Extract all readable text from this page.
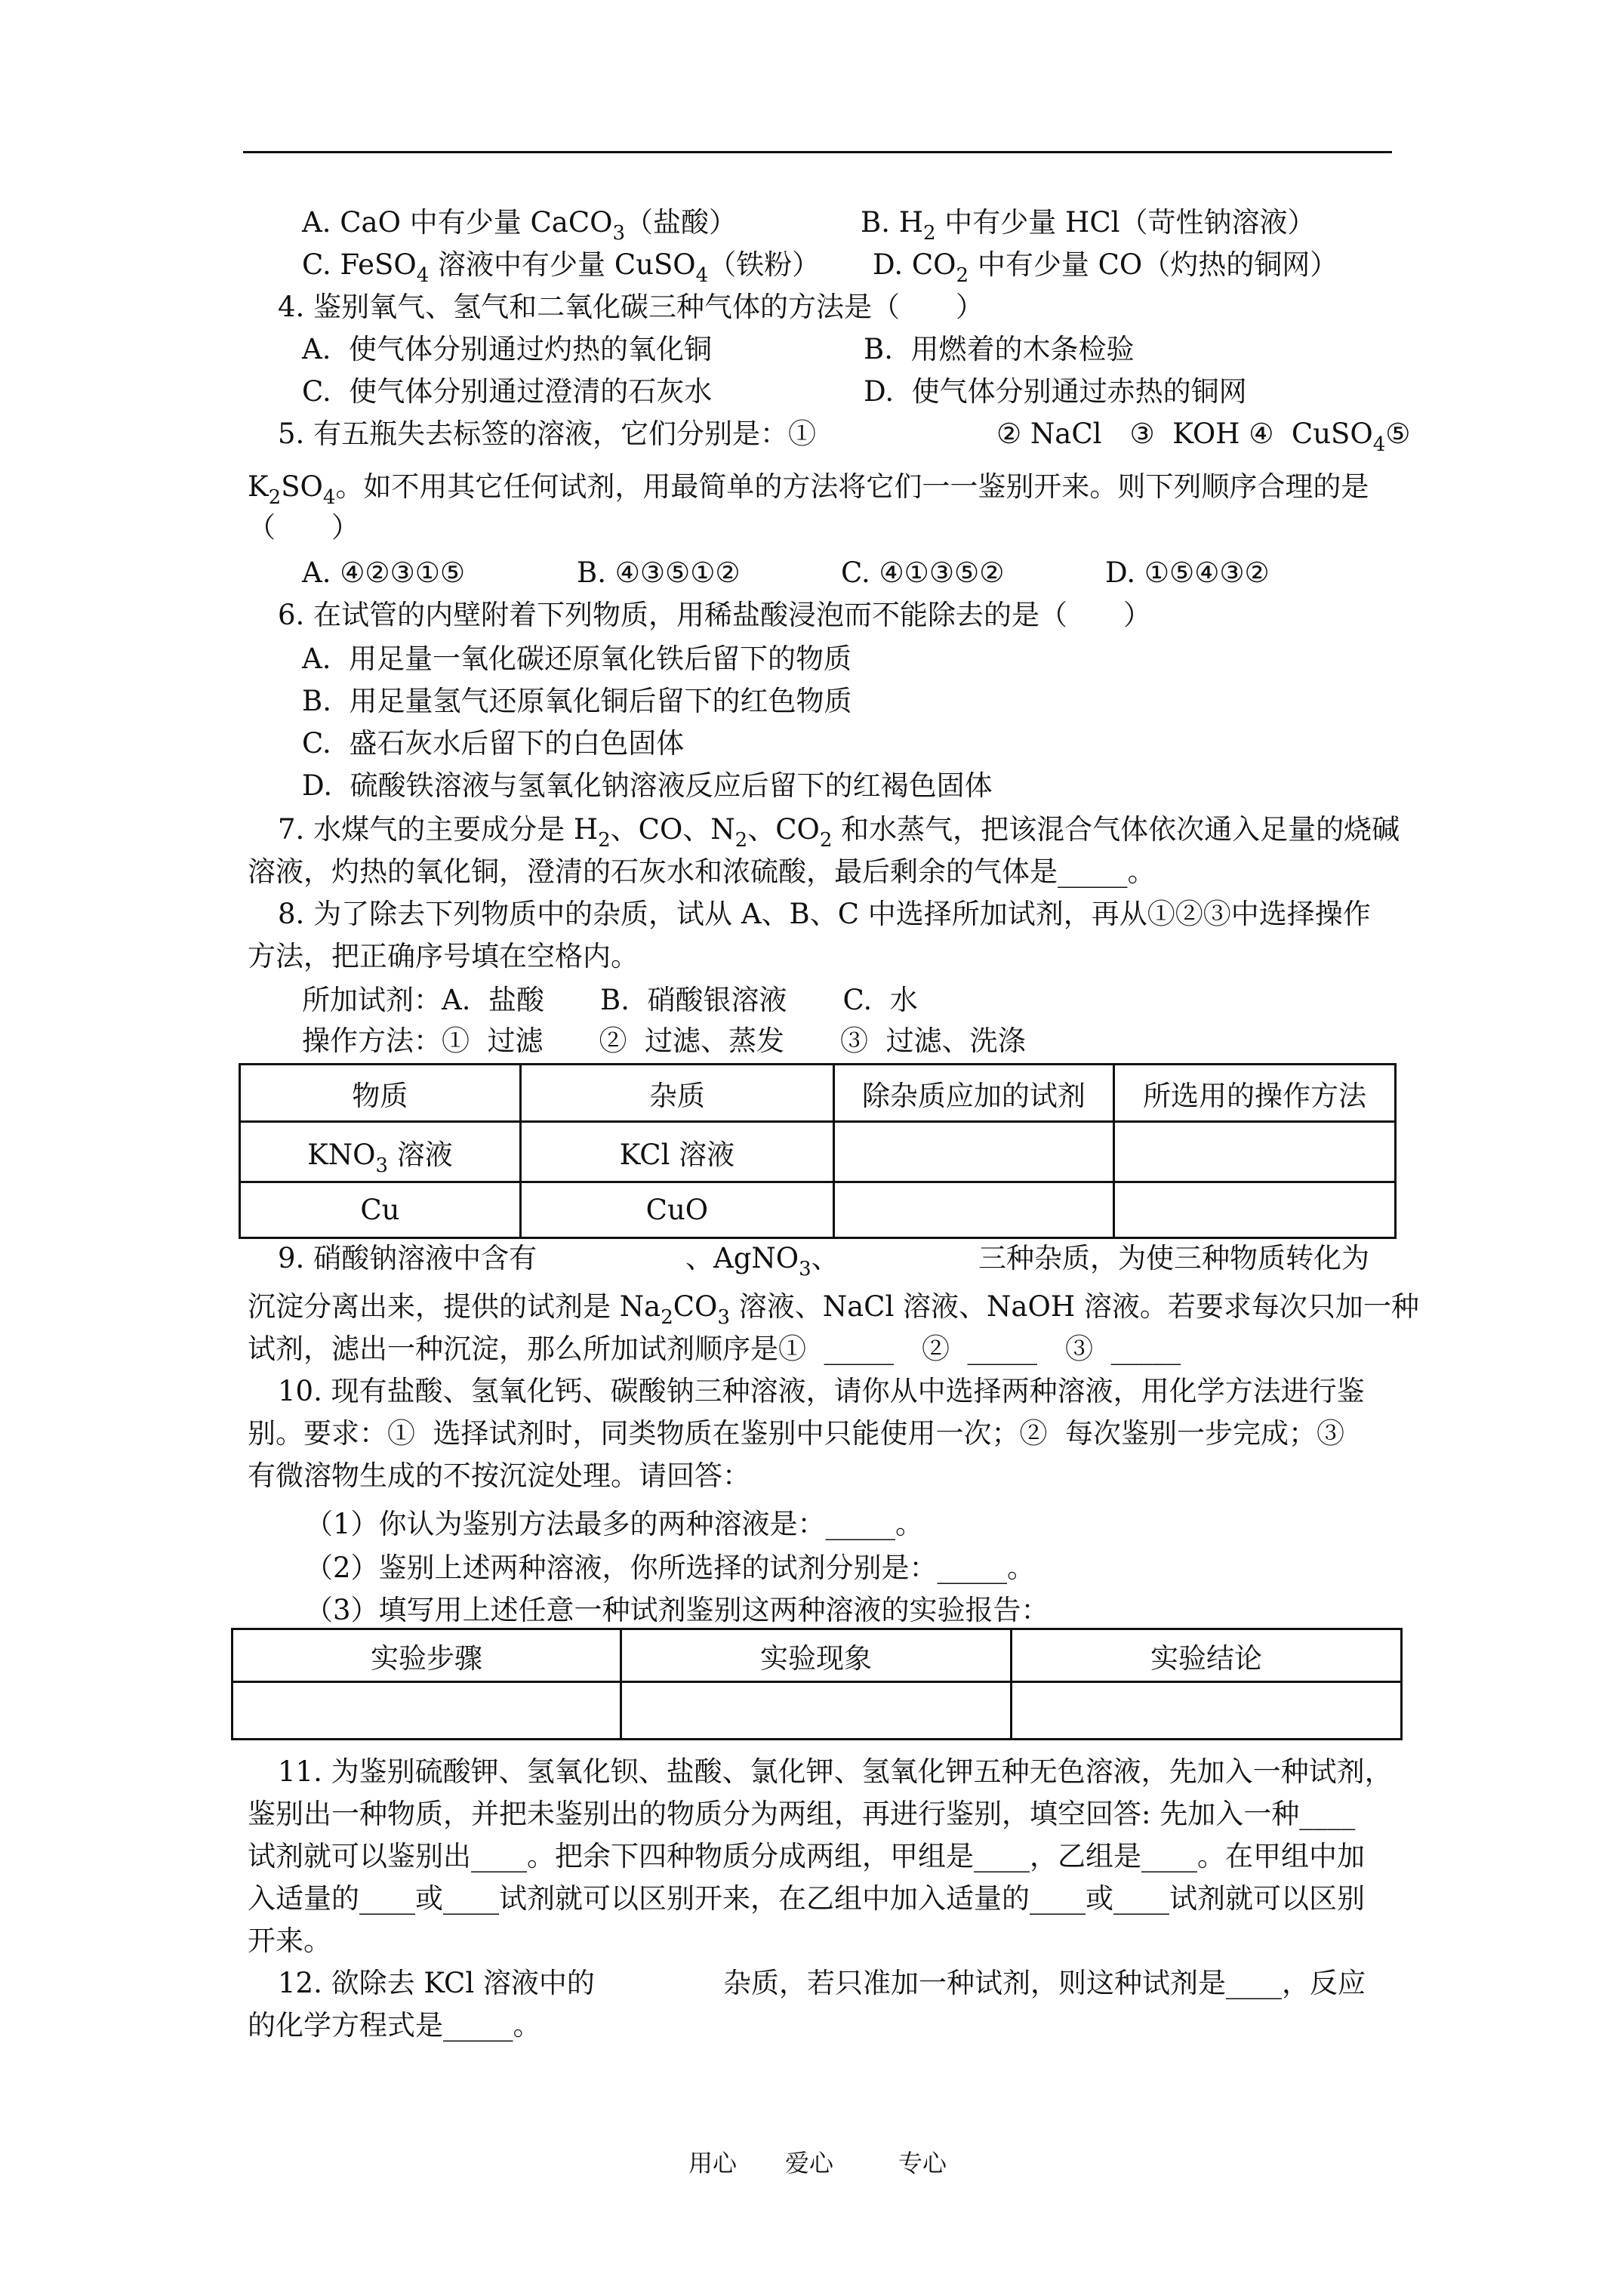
A. CaO 中有少量 CaCO$_3$（盐酸）	B. $H_2$ 中有少量 HCl（苛性钠溶液）
C. FeSO$_4$ 溶液中有少量 CuSO$_4$（铁粉） D. $CO_2$ 中有少量 CO（灼热的铜网）
4. 鉴别氧气、氢气和二氧化碳三种气体的方法是（　　）
A.  使气体分别通过灼热的氧化铜	B.  用燃着的木条检验
C.  使气体分别通过澄清的石灰水	D.  使气体分别通过赤热的铜网
5. 有五瓶失去标签的溶液，它们分别是：①	② NaCl　③  KOH ④  CuSO$_4$⑤
$K_2SO_4$。如不用其它任何试剂，用最简单的方法将它们一一鉴别开来。则下列顺序合理的是
（　　）
A. ④②③①⑤	B. ④③⑤①②	C. ④①③⑤②	D. ①⑤④③②
6. 在试管的内壁附着下列物质，用稀盐酸浸泡而不能除去的是（　　）
A.  用足量一氧化碳还原氧化铁后留下的物质
B.  用足量氢气还原氧化铜后留下的红色物质
C.  盛石灰水后留下的白色固体
D.  硫酸铁溶液与氢氧化钠溶液反应后留下的红褐色固体
7. 水煤气的主要成分是 $H_2$、CO、$N_2$、$CO_2$ 和水蒸气，把该混合气体依次通入足量的烧碱
溶液，灼热的氧化铜，澄清的石灰水和浓硫酸，最后剩余的气体是_____。
8. 为了除去下列物质中的杂质，试从 A、B、C 中选择所加试剂，再从①②③中选择操作
方法，把正确序号填在空格内。
所加试剂：A.  盐酸　　B.  硝酸银溶液　　C.  水
操作方法：①  过滤　　②  过滤、蒸发　　③  过滤、洗涤
物质	杂质	除杂质应加的试剂	所选用的操作方法
$KNO_3$ 溶液	KCl 溶液		
Cu	CuO		
9. 硝酸钠溶液中含有	、AgNO$_3$、	三种杂质，为使三种物质转化为
沉淀分离出来，提供的试剂是 $Na_2CO_3$ 溶液、NaCl 溶液、NaOH 溶液。若要求每次只加一种
试剂，滤出一种沉淀，那么所加试剂顺序是①  _____　②  _____　③  _____
10. 现有盐酸、氢氧化钙、碳酸钠三种溶液，请你从中选择两种溶液，用化学方法进行鉴
别。要求：①  选择试剂时，同类物质在鉴别中只能使用一次；②  每次鉴别一步完成；③
有微溶物生成的不按沉淀处理。请回答：
（1）你认为鉴别方法最多的两种溶液是：_____。
（2）鉴别上述两种溶液，你所选择的试剂分别是：_____。
（3）填写用上述任意一种试剂鉴别这两种溶液的实验报告：
实验步骤	实验现象	实验结论

11. 为鉴别硫酸钾、氢氧化钡、盐酸、氯化钾、氢氧化钾五种无色溶液，先加入一种试剂，
鉴别出一种物质，并把未鉴别出的物质分为两组，再进行鉴别，填空回答: 先加入一种____
试剂就可以鉴别出____。把余下四种物质分成两组，甲组是____，乙组是____。在甲组中加
入适量的____或____试剂就可以区别开来，在乙组中加入适量的____或____试剂就可以区别
开来。
12. 欲除去 KCl 溶液中的	杂质，若只准加一种试剂，则这种试剂是____，反应
的化学方程式是_____。
用心 爱心	专心
